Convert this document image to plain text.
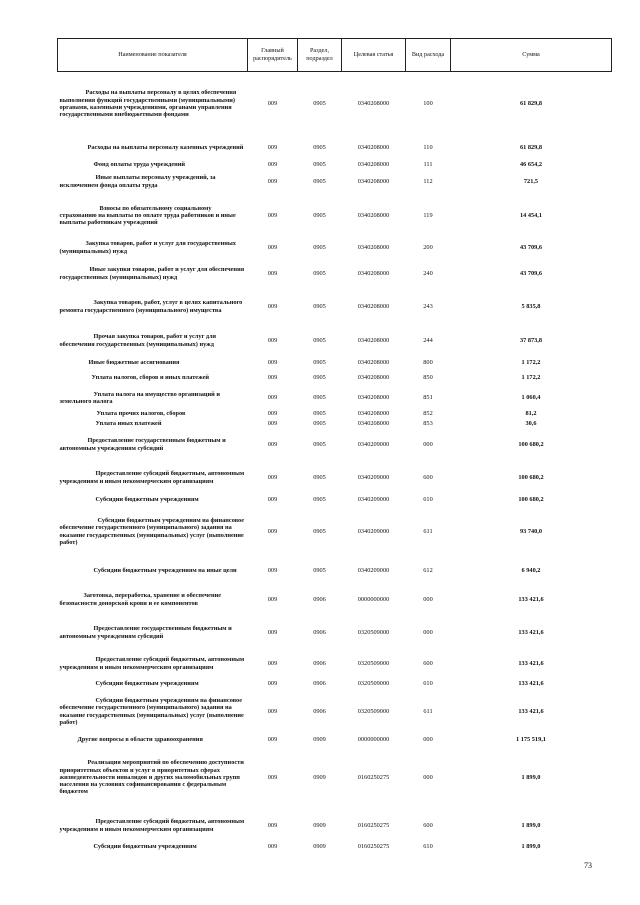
Наименование показателя	Главный распорядитель	Раздел, подраздел	Целевая статья	Вид расхода	Сумма

Расходы на выплаты персоналу в целях обеспечения выполнения функций государственными (муниципальными) органами, казенными учреждениями, органами управления государственными внебюджетными фондами	009	0905	0340208000	100	61 829,8

Расходы на выплаты персоналу казенных учреждений	009	0905	0340208000	110	61 829,8

Фонд оплаты труда учреждений	009	0905	0340208000	111	46 654,2

Иные выплаты персоналу учреждений, за исключением фонда оплаты труда	009	0905	0340208000	112	721,5

Взносы по обязательному социальному страхованию на выплаты по оплате труда работников и иные выплаты работникам учреждений	009	0905	0340208000	119	14 454,1

Закупка товаров, работ и услуг для государственных (муниципальных) нужд	009	0905	0340208000	200	43 709,6

Иные закупки товаров, работ и услуг для обеспечения государственных (муниципальных) нужд	009	0905	0340208000	240	43 709,6

Закупка товаров, работ, услуг в целях капитального ремонта государственного (муниципального) имущества	009	0905	0340208000	243	5 835,8

Прочая закупка товаров, работ и услуг для обеспечения государственных (муниципальных) нужд	009	0905	0340208000	244	37 873,8

Иные бюджетные ассигнования	009	0905	0340208000	800	1 172,2

Уплата налогов, сборов и иных платежей	009	0905	0340208000	850	1 172,2

Уплата налога на имущество организаций и земельного налога	009	0905	0340208000	851	1 060,4

Уплата прочих налогов, сборов	009	0905	0340208000	852	81,2

Уплата иных платежей	009	0905	0340208000	853	30,6

Предоставление государственным бюджетным и автономным учреждениям субсидий	009	0905	0340209000	000	100 680,2

Предоставление субсидий бюджетным, автономным учреждениям и иным некоммерческим организациям	009	0905	0340209000	600	100 680,2

Субсидии бюджетным учреждениям	009	0905	0340209000	610	100 680,2

Субсидии бюджетным учреждениям на финансовое обеспечение государственного (муниципального) задания на оказание государственных (муниципальных) услуг (выполнение работ)	009	0905	0340209000	611	93 740,0

Субсидии бюджетным учреждениям на иные цели	009	0905	0340209000	612	6 940,2

Заготовка, переработка, хранение и обеспечение безопасности донорской крови и ее компонентов	009	0906	0000000000	000	133 421,6

Предоставление государственным бюджетным и автономным учреждениям субсидий	009	0906	0320509000	000	133 421,6

Предоставление субсидий бюджетным, автономным учреждениям и иным некоммерческим организациям	009	0906	0320509000	600	133 421,6

Субсидии бюджетным учреждениям	009	0906	0320509000	610	133 421,6

Субсидии бюджетным учреждениям на финансовое обеспечение государственного (муниципального) задания на оказание государственных (муниципальных) услуг (выполнение работ)	009	0906	0320509000	611	133 421,6

Другие вопросы в области здравоохранения	009	0909	0000000000	000	1 175 519,1

Реализация мероприятий по обеспечению доступности приоритетных объектов и услуг в приоритетных сферах жизнедеятельности инвалидов и других маломобильных групп населения на условиях софинансирования с федеральным бюджетом	009	0909	0160250275	000	1 899,0

Предоставление субсидий бюджетным, автономным учреждениям и иным некоммерческим организациям	009	0909	0160250275	600	1 899,0

Субсидии бюджетным учреждениям	009	0909	0160250275	610	1 899,0
73
